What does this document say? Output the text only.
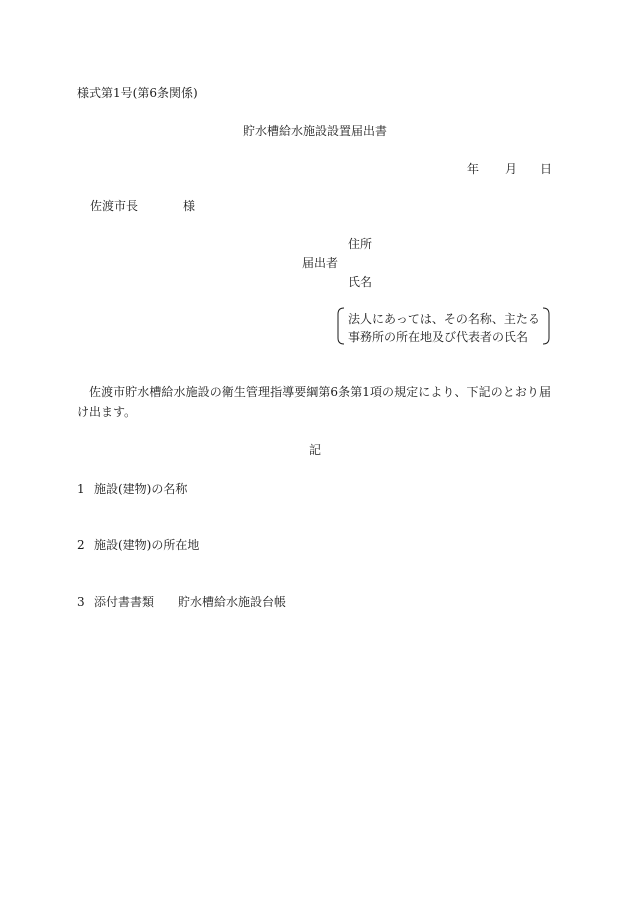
様式第1号(第6条関係)
貯水槽給水施設設置届出書
年 月 日
佐渡市長	様
住所
届出者
氏名
法人にあっては、その名称、主たる
事務所の所在地及び代表者の氏名
佐渡市貯水槽給水施設の衛生管理指導要綱第6条第1項の規定により、下記のとおり届け出ます。
記
1 施設(建物)の名称
2 施設(建物)の所在地
3 添付書書類 貯水槽給水施設台帳
